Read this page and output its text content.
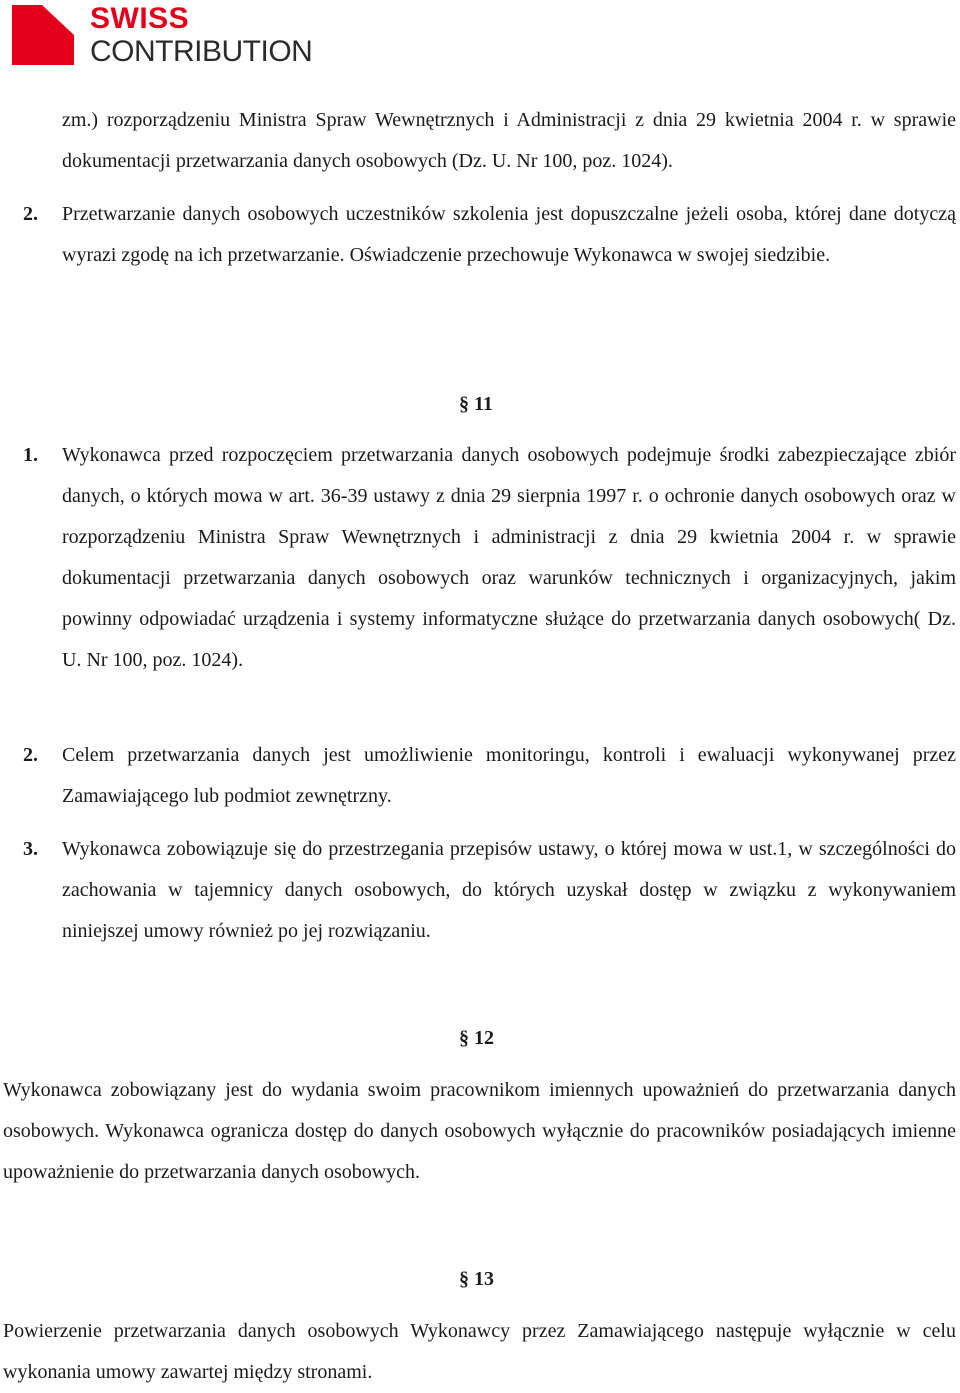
SWISS
CONTRIBUTION

zm.) rozporządzeniu Ministra Spraw Wewnętrznych i Administracji z dnia 29 kwietnia 2004 r. w sprawie dokumentacji przetwarzania danych osobowych (Dz. U. Nr 100, poz. 1024).

2. Przetwarzanie danych osobowych uczestników szkolenia jest dopuszczalne jeżeli osoba, której dane dotyczą wyrazi zgodę na ich przetwarzanie. Oświadczenie przechowuje Wykonawca w swojej siedzibie.

§ 11
1. Wykonawca przed rozpoczęciem przetwarzania danych osobowych podejmuje środki zabezpieczające zbiór danych, o których mowa w art. 36-39 ustawy z dnia 29 sierpnia 1997 r. o ochronie danych osobowych oraz w rozporządzeniu Ministra Spraw Wewnętrznych i administracji z dnia 29 kwietnia 2004 r. w sprawie dokumentacji przetwarzania danych osobowych oraz warunków technicznych i organizacyjnych, jakim powinny odpowiadać urządzenia i systemy informatyczne służące do przetwarzania danych osobowych( Dz. U. Nr 100, poz. 1024).

2. Celem przetwarzania danych jest umożliwienie monitoringu, kontroli i ewaluacji wykonywanej przez Zamawiającego lub podmiot zewnętrzny.

3. Wykonawca zobowiązuje się do przestrzegania przepisów ustawy, o której mowa w ust.1, w szczególności do zachowania w tajemnicy danych osobowych, do których uzyskał dostęp w związku z wykonywaniem niniejszej umowy również po jej rozwiązaniu.

§ 12

Wykonawca zobowiązany jest do wydania swoim pracownikom imiennych upoważnień do przetwarzania danych osobowych. Wykonawca ogranicza dostęp do danych osobowych wyłącznie do pracowników posiadających imienne upoważnienie do przetwarzania danych osobowych.

§ 13

Powierzenie przetwarzania danych osobowych Wykonawcy przez Zamawiającego następuje wyłącznie w celu wykonania umowy zawartej między stronami.
